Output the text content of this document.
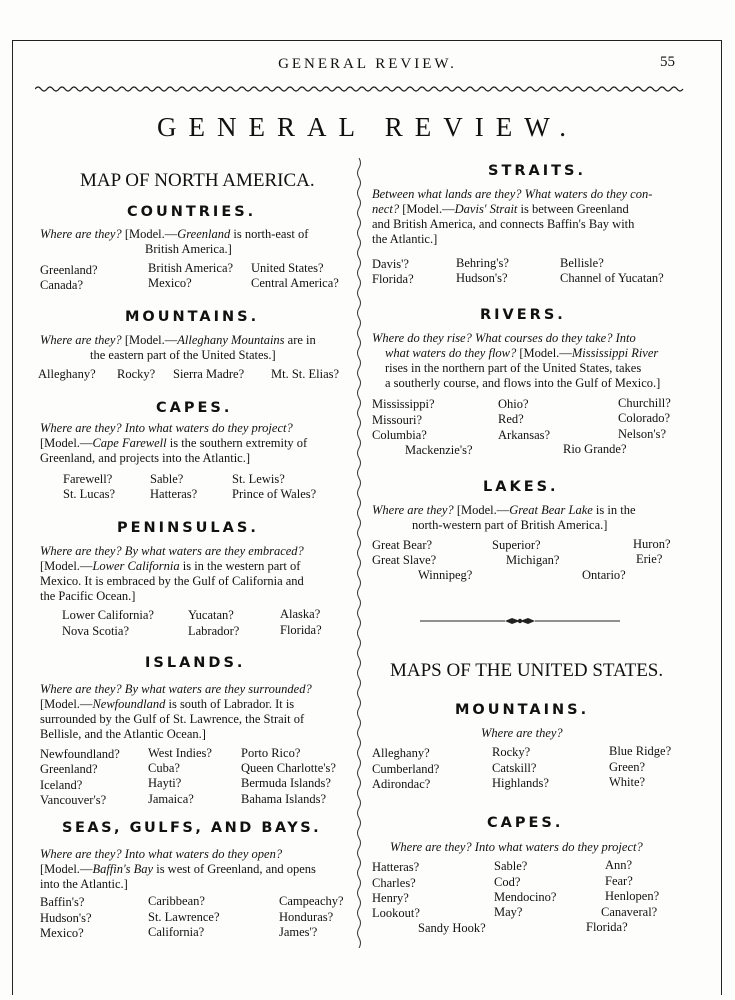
GENERAL REVIEW.	55
GENERAL REVIEW.
MAP OF NORTH AMERICA.
COUNTRIES.
Where are they? [Model.—Greenland is north-east of
British America.]
Greenland?	British America? United States?
Canada?	Mexico?	Central America?
MOUNTAINS.
Where are they? [Model.—Alleghany Mountains are in
the eastern part of the United States.]
Alleghany? Rocky? Sierra Madre? Mt. St. Elias?
CAPES.
Where are they? Into what waters do they project?
[Model.—Cape Farewell is the southern extremity of
Greenland, and projects into the Atlantic.]
Farewell?	Sable?	St. Lewis?
St. Lucas?	Hatteras?	Prince of Wales?
PENINSULAS.
Where are they? By what waters are they embraced?
[Model.—Lower California is in the western part of
Mexico. It is embraced by the Gulf of California and
the Pacific Ocean.]
Lower California?	Yucatan?	Alaska?
Nova Scotia?	Labrador?	Florida?
ISLANDS.
Where are they? By what waters are they surrounded?
[Model.—Newfoundland is south of Labrador. It is
surrounded by the Gulf of St. Lawrence, the Strait of
Bellisle, and the Atlantic Ocean.]
Newfoundland? West Indies? Porto Rico?
Greenland?	Cuba?	Queen Charlotte's?
Iceland?	Hayti?	Bermuda Islands?
Vancouver's?	Jamaica?	Bahama Islands?
SEAS, GULFS, AND BAYS.
Where are they? Into what waters do they open?
[Model.—Baffin's Bay is west of Greenland, and opens
into the Atlantic.]
Baffin's?	Caribbean?	Campeachy?
Hudson's?	St. Lawrence?	Honduras?
Mexico?	California?	James'?
STRAITS.
Between what lands are they? What waters do they con-
nect? [Model.—Davis' Strait is between Greenland
and British America, and connects Baffin's Bay with
the Atlantic.]
Davis'?	Behring's?	Bellisle?
Florida?	Hudson's?	Channel of Yucatan?
RIVERS.
Where do they rise? What courses do they take? Into
what waters do they flow? [Model.—Mississippi River
rises in the northern part of the United States, takes
a southerly course, and flows into the Gulf of Mexico.]
Mississippi?	Ohio?	Churchill?
Missouri?	Red?	Colorado?
Columbia?	Arkansas?	Nelson's?
Mackenzie's?	Rio Grande?
LAKES.
Where are they? [Model.—Great Bear Lake is in the
north-western part of British America.]
Great Bear?	Superior?	Huron?
Great Slave?	Michigan?	Erie?
Winnipeg?	Ontario?
MAPS OF THE UNITED STATES.
MOUNTAINS.
Where are they?
Alleghany?	Rocky?	Blue Ridge?
Cumberland?	Catskill?	Green?
Adirondac?	Highlands?	White?
CAPES.
Where are they? Into what waters do they project?
Hatteras?	Sable?	Ann?
Charles?	Cod?	Fear?
Henry?	Mendocino?	Henlopen?
Lookout?	May?	Canaveral?
Sandy Hook?	Florida?
